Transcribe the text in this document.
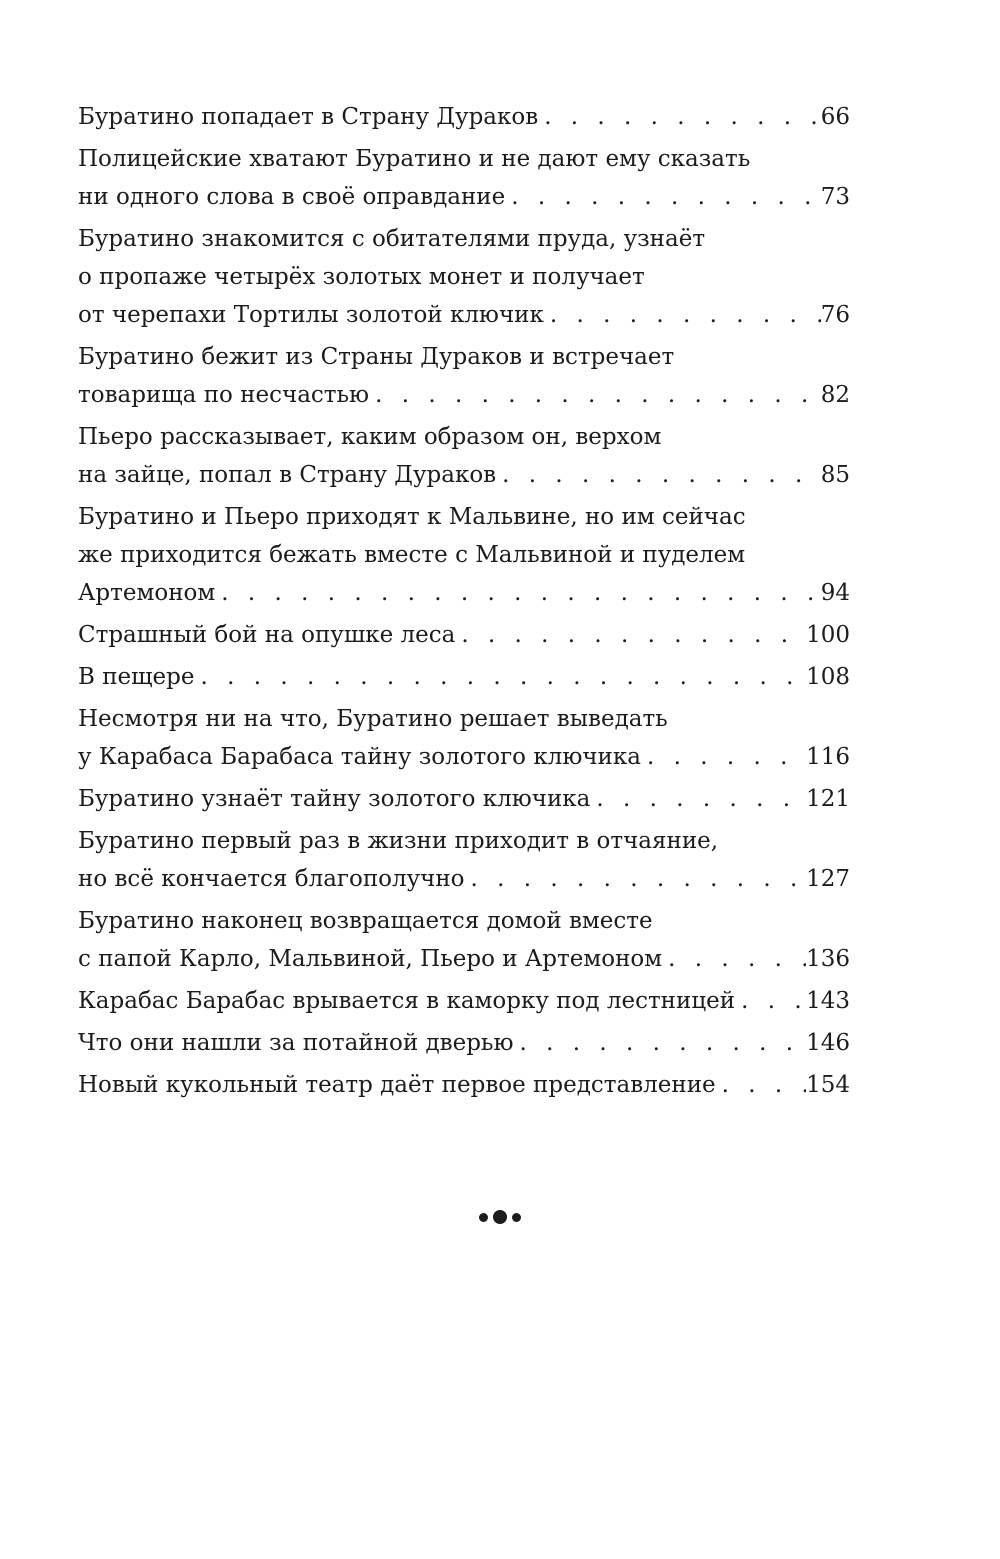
Буратино попадает в Страну Дураков . . .	66
Полицейские хватают Буратино и не дают ему сказать
ни одного слова в своё оправдание . . .	73
Буратино знакомится с обитателями пруда, узнаёт
о пропаже четырёх золотых монет и получает
от черепахи Тортилы золотой ключик . . .	76
Буратино бежит из Страны Дураков и встречает
товарища по несчастью . . .	82
Пьеро рассказывает, каким образом он, верхом
на зайце, попал в Страну Дураков . . .	85
Буратино и Пьеро приходят к Мальвине, но им сейчас
же приходится бежать вместе с Мальвиной и пуделем
Артемоном . . .	94
Страшный бой на опушке леса . . .	100
В пещере . . .	108
Несмотря ни на что, Буратино решает выведать
у Карабаса Барабаса тайну золотого ключика . . .	116
Буратино узнаёт тайну золотого ключика . . .	121
Буратино первый раз в жизни приходит в отчаяние,
но всё кончается благополучно . . .	127
Буратино наконец возвращается домой вместе
с папой Карло, Мальвиной, Пьеро и Артемоном . . .	136
Карабас Барабас врывается в каморку под лестницей . . .	143
Что они нашли за потайной дверью . . .	146
Новый кукольный театр даёт первое представление . . .	154
